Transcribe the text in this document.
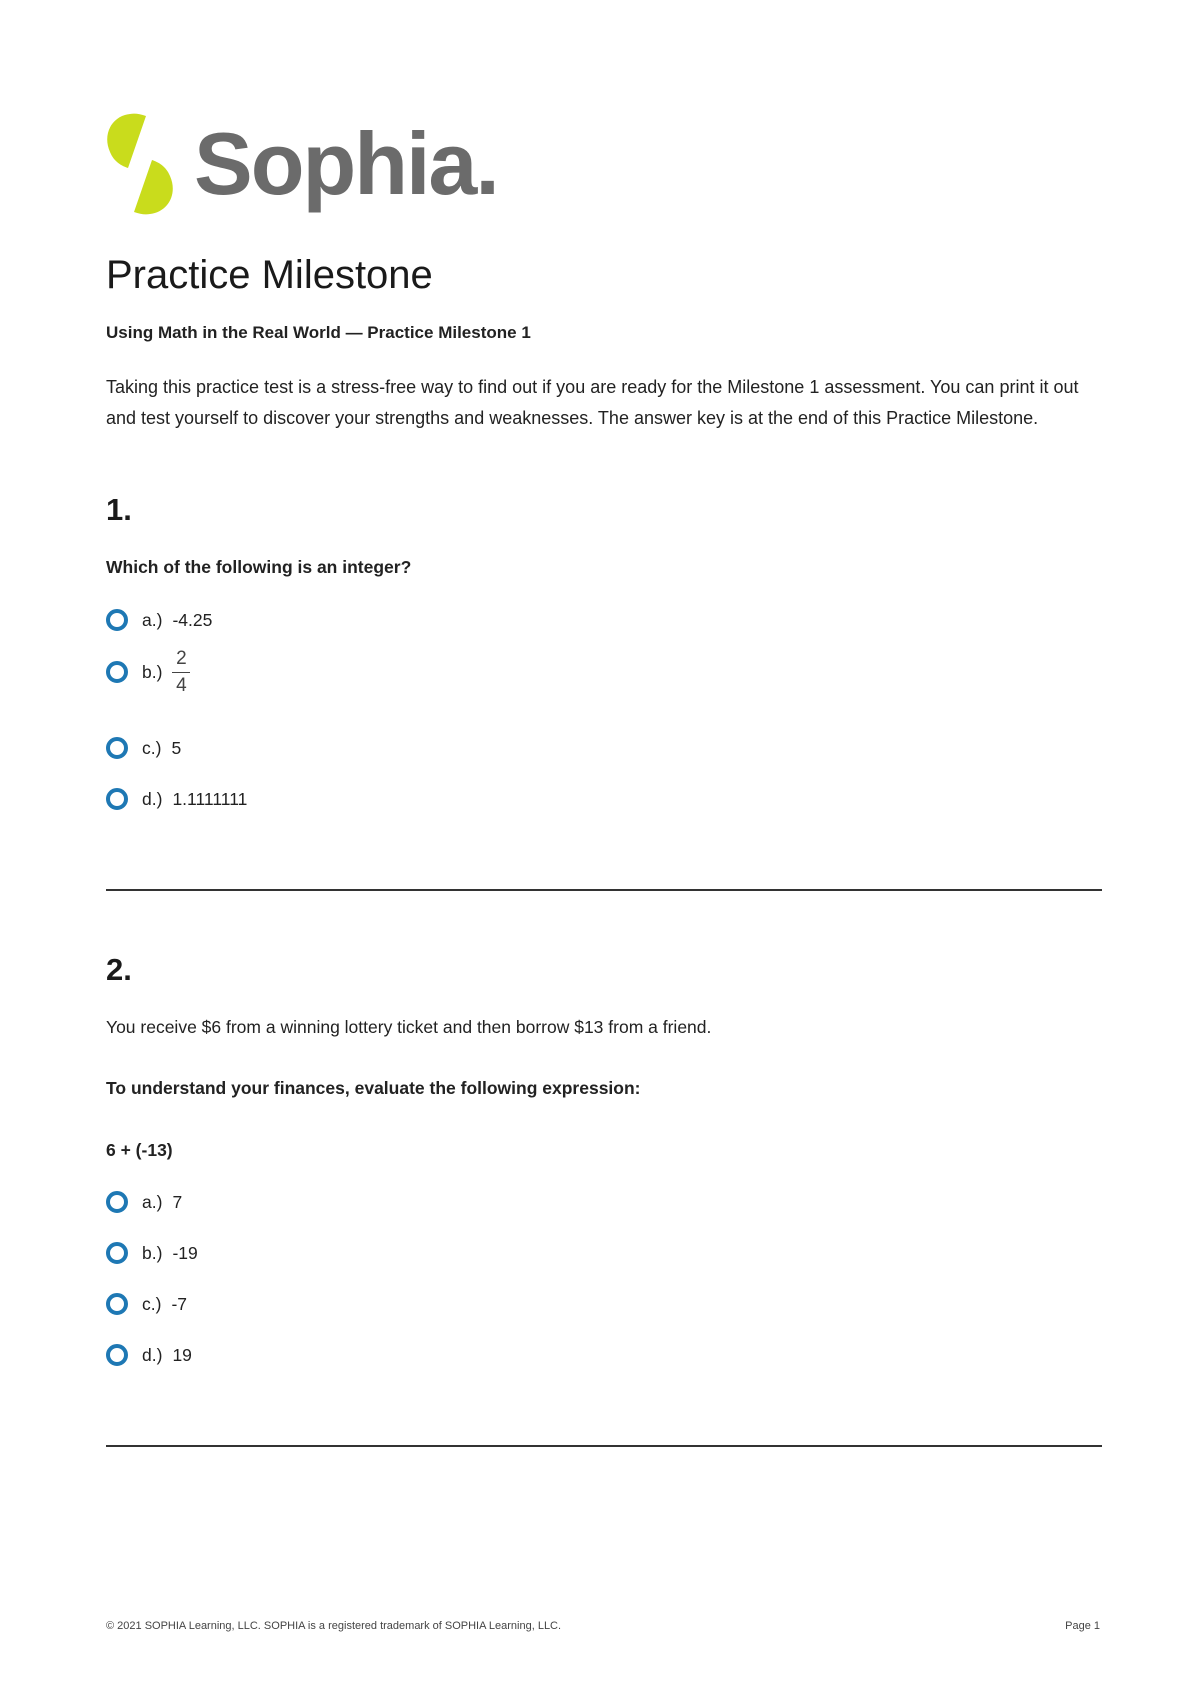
Sophia.
Practice Milestone
Using Math in the Real World — Practice Milestone 1
Taking this practice test is a stress-free way to find out if you are ready for the Milestone 1 assessment. You can print it out and test yourself to discover your strengths and weaknesses. The answer key is at the end of this Practice Milestone.
1.
Which of the following is an integer?
a.) -4.25
$b.) \frac{2}{4}$
c.) 5
d.) 1.1111111
2.
You receive $6 from a winning lottery ticket and then borrow $13 from a friend.
To understand your finances, evaluate the following expression:
6 + (-13)
a.) 7
b.) -19
c.) -7
d.) 19
© 2021 SOPHIA Learning, LLC. SOPHIA is a registered trademark of SOPHIA Learning, LLC.	Page 1
